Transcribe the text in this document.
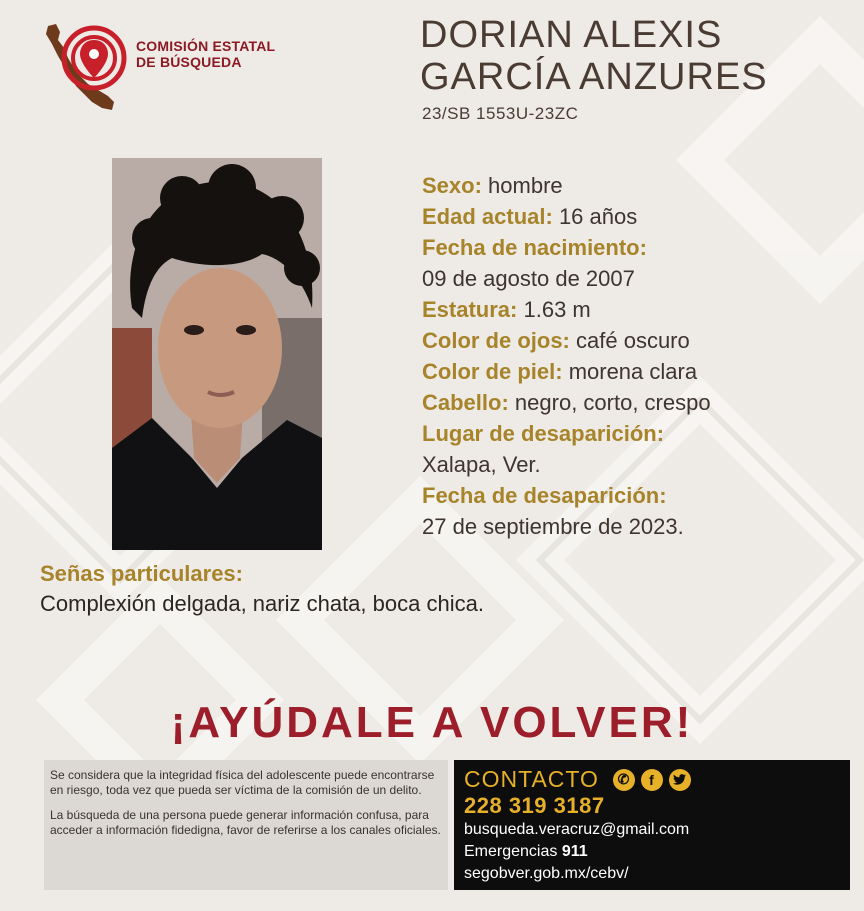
COMISIÓN ESTATAL
DE BÚSQUEDA
DORIAN ALEXIS
GARCÍA ANZURES
23/SB 1553U-23ZC
Sexo: hombre
Edad actual: 16 años
Fecha de nacimiento:
09 de agosto de 2007
Estatura: 1.63 m
Color de ojos: café oscuro
Color de piel: morena clara
Cabello: negro, corto, crespo
Lugar de desaparición:
Xalapa, Ver.
Fecha de desaparición:
27 de septiembre de 2023.
Señas particulares:
Complexión delgada, nariz chata, boca chica.
¡AYÚDALE A VOLVER!

Se considera que la integridad física del adolescente puede encontrarse en riesgo, toda vez que pueda ser víctima de la comisión de un delito.

La búsqueda de una persona puede generar información confusa, para acceder a información fidedigna, favor de referirse a los canales oficiales.

CONTACTO	✆	f
228 319 3187
busqueda.veracruz@gmail.com
Emergencias 911
segobver.gob.mx/cebv/
